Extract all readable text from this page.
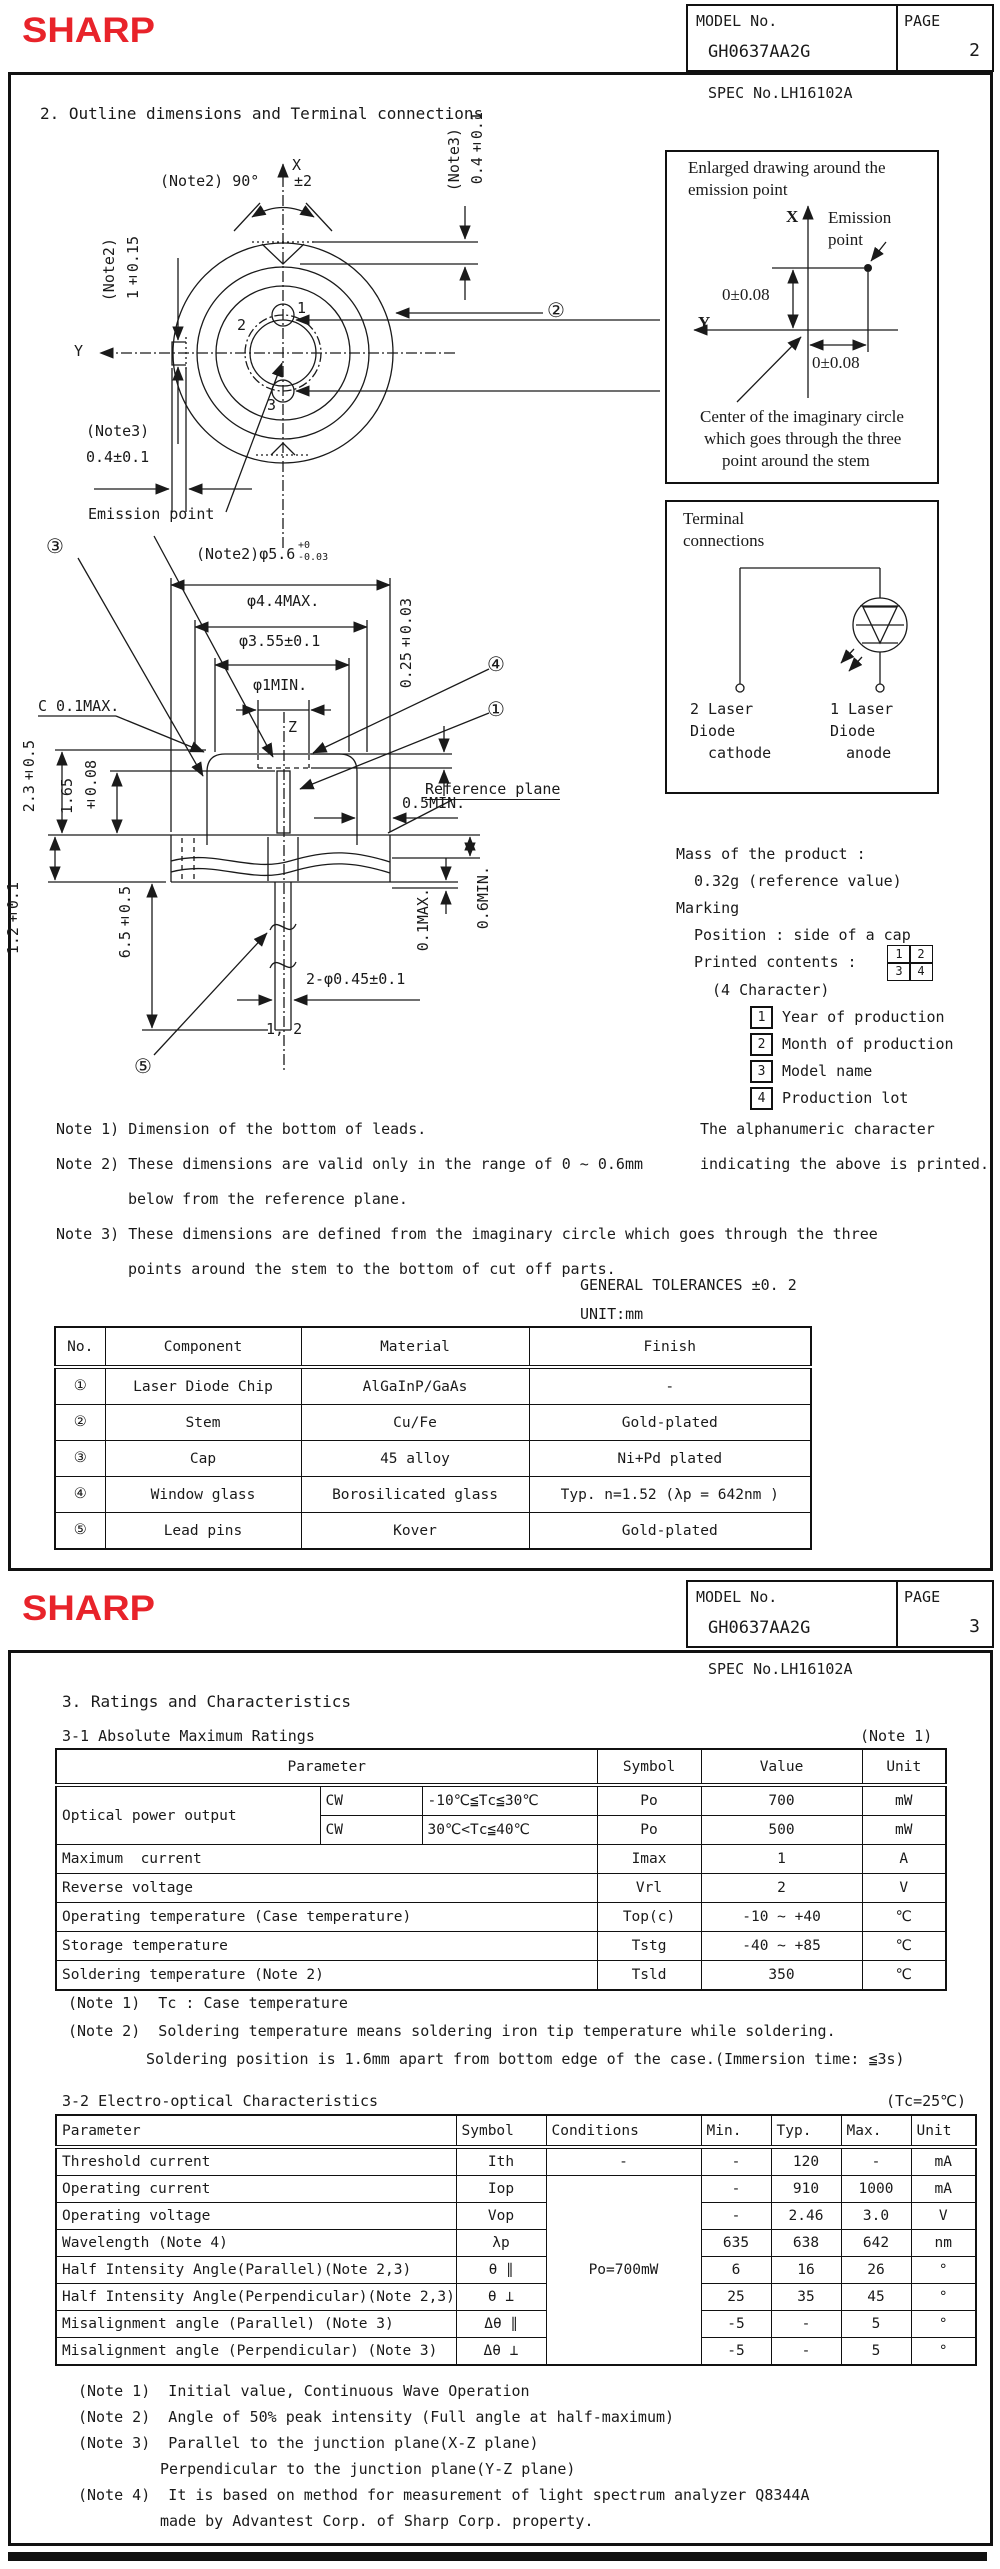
SHARP	MODEL No.
GH0637AA2G
PAGE
2
SPEC No.LH16102A
2. Outline dimensions and Terminal connections
(Note2) 90° ±2
X
Y
1
2
3
(Note2) 1±0.15
(Note3)
0.4±0.1
(Note3) 0.4±0.1
Emission point
③
②
④
①
⑤
(Note2)φ5.6 +0
-0.03
φ4.4MAX.
φ3.55±0.1
φ1MIN.
Z
C 0.1MAX.
2.3±0.5 1.65 ±0.08
0.25±0.03
0.5MIN.
Reference plane
0.1MAX.	0.6MIN.
1.2±0.1	6.5±0.5
2-φ0.45±0.1
1, 2
Enlarged drawing around the
emission point
X
Y
Emission
point
0±0.08
0±0.08
Center of the imaginary circle
which goes through the three
point around the stem
Terminal
connections
2 Laser
Diode
cathode
1 Laser
Diode
anode
Mass of the product :
0.32g (reference value)
Marking
Position : side of a cap
Printed contents :	1	2
3	4
(4 Character)
1	Year of production
2	Month of production
3	Model name
4	Production lot
The alphanumeric character
indicating the above is printed.
Note 1) Dimension of the bottom of leads.
Note 2) These dimensions are valid only in the range of 0 ~ 0.6mm
below from the reference plane.
Note 3) These dimensions are defined from the imaginary circle which goes through the three
points around the stem to the bottom of cut off parts.
GENERAL TOLERANCES ±0. 2
UNIT:mm
No.	Component	Material	Finish
①	Laser Diode Chip	AlGaInP/GaAs	-
②	Stem	Cu/Fe	Gold-plated
③	Cap	45 alloy	Ni+Pd plated
④	Window glass	Borosilicated glass	Typ. n=1.52 (λp = 642nm )
⑤	Lead pins	Kover	Gold-plated
SHARP	MODEL No.
GH0637AA2G
PAGE
3
SPEC No.LH16102A
3. Ratings and Characteristics
3-1 Absolute Maximum Ratings	(Note 1)
Parameter			Symbol	Value	Unit
Optical power output	CW	-10℃≦Tc≦30℃	Po	700	mW
	CW	30℃<Tc≦40℃	Po	500	mW
Maximum  current			Imax	1	A
Reverse voltage			Vrl	2	V
Operating temperature (Case temperature)			Top(c)	-10 ~ +40	℃
Storage temperature			Tstg	-40 ~ +85	℃
Soldering temperature (Note 2)			Tsld	350	℃
(Note 1)  Tc : Case temperature
(Note 2)  Soldering temperature means soldering iron tip temperature while soldering.
Soldering position is 1.6mm apart from bottom edge of the case.(Immersion time: ≦3s)
3-2 Electro-optical Characteristics	(Tc=25℃)
Parameter	Symbol	Conditions	Min.	Typ.	Max.	Unit
Threshold current	Ith	-	-	120	-	mA
Operating current	Iop	Po=700mW	-	910	1000	mA
Operating voltage	Vop		-	2.46	3.0	V
Wavelength (Note 4)	λp		635	638	642	nm
Half Intensity Angle(Parallel)(Note 2,3)	θ ∥		6	16	26	°
Half Intensity Angle(Perpendicular)(Note 2,3)	θ ⊥		25	35	45	°
Misalignment angle (Parallel) (Note 3)	Δθ ∥		-5	-	5	°
Misalignment angle (Perpendicular) (Note 3)	Δθ ⊥		-5	-	5	°
(Note 1)  Initial value, Continuous Wave Operation
(Note 2)  Angle of 50% peak intensity (Full angle at half-maximum)
(Note 3)  Parallel to the junction plane(X-Z plane)
Perpendicular to the junction plane(Y-Z plane)
(Note 4)  It is based on method for measurement of light spectrum analyzer Q8344A
made by Advantest Corp. of Sharp Corp. property.
